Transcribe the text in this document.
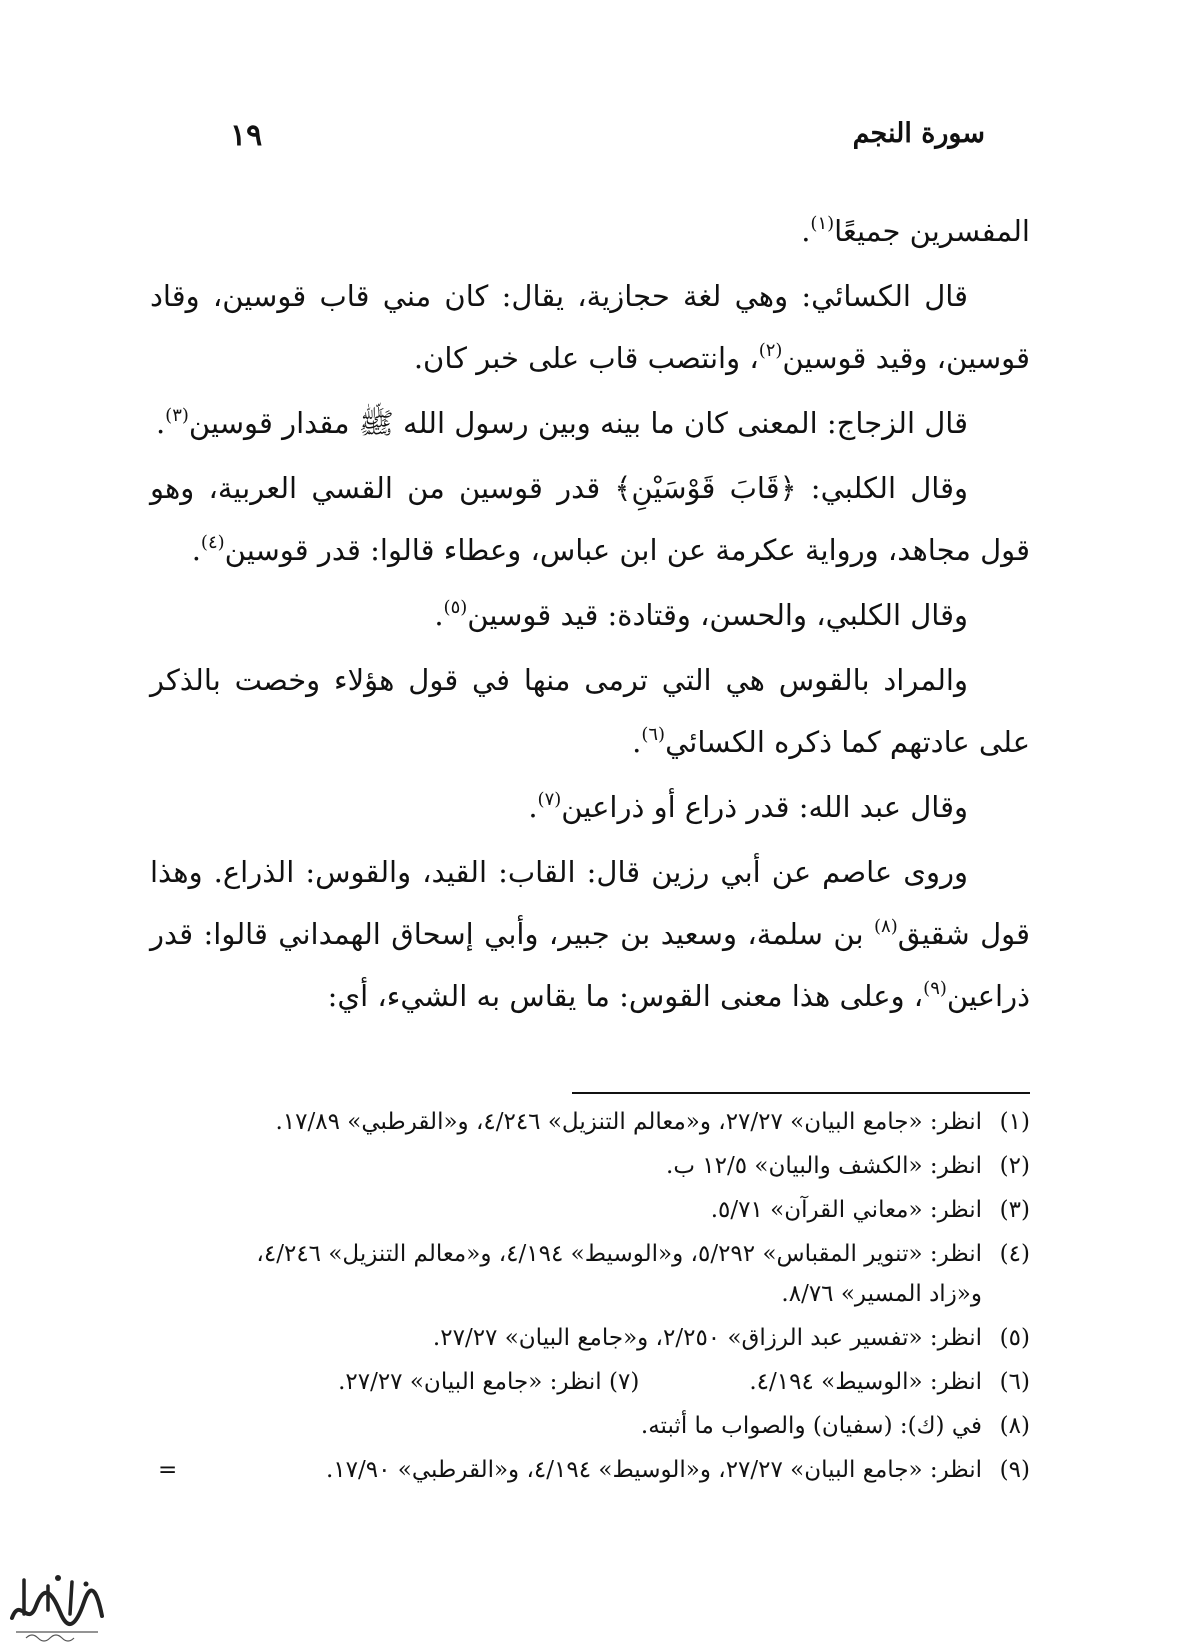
سورة النجم
١٩

المفسرين جميعًا$^{(١)}$.

قال الكسائي: وهي لغة حجازية، يقال: كان مني قاب قوسين، وقاد قوسين، وقيد قوسين$^{(٢)}$، وانتصب قاب على خبر كان.

قال الزجاج: المعنى كان ما بينه وبين رسول الله ﷺ مقدار قوسين$^{(٣)}$.

وقال الكلبي: ﴿قَابَ قَوْسَيْنِ﴾ قدر قوسين من القسي العربية، وهو قول مجاهد، ورواية عكرمة عن ابن عباس، وعطاء قالوا: قدر قوسين$^{(٤)}$.

وقال الكلبي، والحسن، وقتادة: قيد قوسين$^{(٥)}$.

والمراد بالقوس هي التي ترمى منها في قول هؤلاء وخصت بالذكر على عادتهم كما ذكره الكسائي$^{(٦)}$.

وقال عبد الله: قدر ذراع أو ذراعين$^{(٧)}$.

وروى عاصم عن أبي رزين قال: القاب: القيد، والقوس: الذراع. وهذا قول شقيق$^{(٨)}$ بن سلمة، وسعيد بن جبير، وأبي إسحاق الهمداني قالوا: قدر ذراعين$^{(٩)}$، وعلى هذا معنى القوس: ما يقاس به الشيء، أي:

(١)
انظر: «جامع البيان» ٢٧/٢٧، و«معالم التنزيل» ٤/٢٤٦، و«القرطبي» ١٧/٨٩.
(٢)
انظر: «الكشف والبيان» ١٢/٥ ب.
(٣)
انظر: «معاني القرآن» ٥/٧١.
(٤)
انظر: «تنوير المقباس» ٥/٢٩٢، و«الوسيط» ٤/١٩٤، و«معالم التنزيل» ٤/٢٤٦،
و«زاد المسير» ٨/٧٦.
(٥)
انظر: «تفسير عبد الرزاق» ٢/٢٥٠، و«جامع البيان» ٢٧/٢٧.
(٦)
انظر: «الوسيط» ٤/١٩٤.(٧) انظر: «جامع البيان» ٢٧/٢٧.
(٨)
في (ك): (سفيان) والصواب ما أثبته.
(٩)
انظر: «جامع البيان» ٢٧/٢٧، و«الوسيط» ٤/١٩٤، و«القرطبي» ١٧/٩٠.
=
